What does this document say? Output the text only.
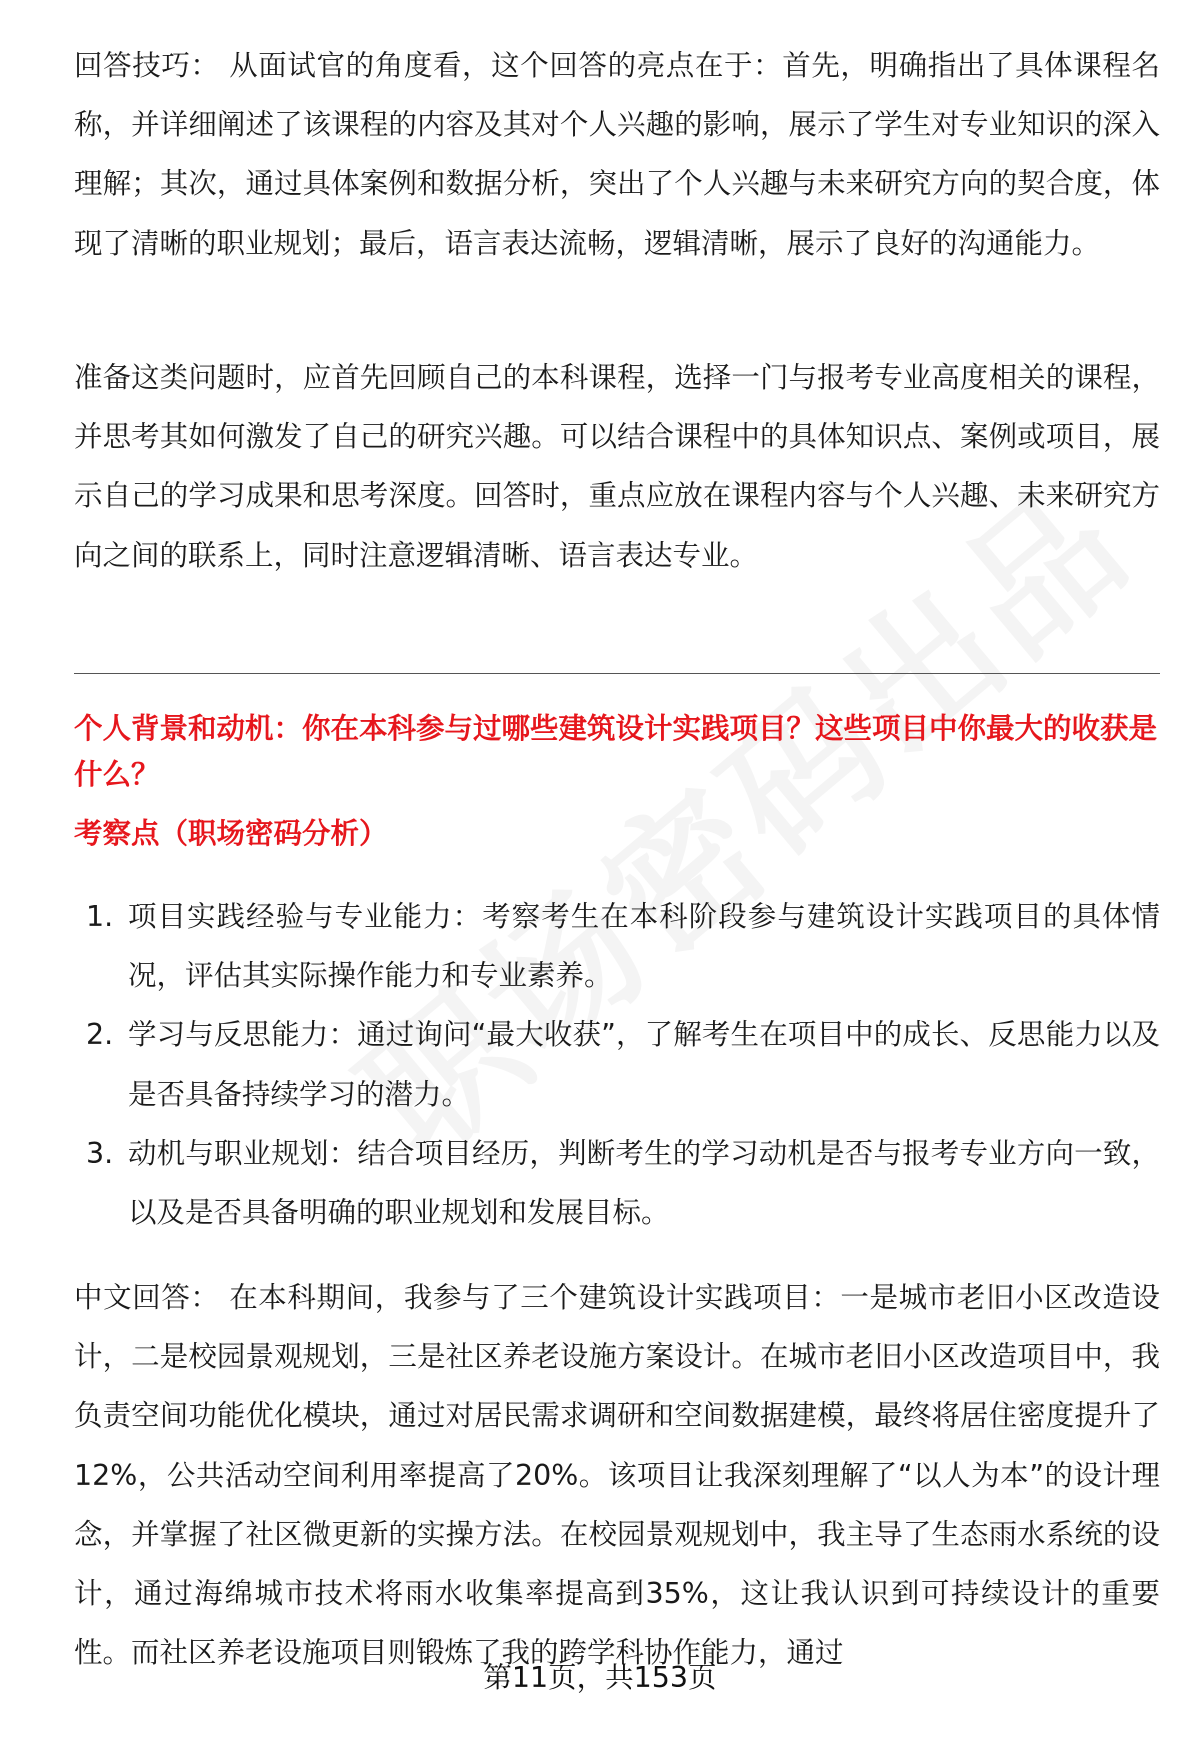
回答技巧： 从面试官的角度看，这个回答的亮点在于：首先，明确指出了具体课程名称，并详细阐述了该课程的内容及其对个人兴趣的影响，展示了学生对专业知识的深入理解；其次，通过具体案例和数据分析，突出了个人兴趣与未来研究方向的契合度，体现了清晰的职业规划；最后，语言表达流畅，逻辑清晰，展示了良好的沟通能力。

准备这类问题时，应首先回顾自己的本科课程，选择一门与报考专业高度相关的课程，并思考其如何激发了自己的研究兴趣。可以结合课程中的具体知识点、案例或项目，展示自己的学习成果和思考深度。回答时，重点应放在课程内容与个人兴趣、未来研究方向之间的联系上，同时注意逻辑清晰、语言表达专业。

个人背景和动机：你在本科参与过哪些建筑设计实践项目？这些项目中你最大的收获是什么？

考察点（职场密码分析）

1. 项目实践经验与专业能力：考察考生在本科阶段参与建筑设计实践项目的具体情况，评估其实际操作能力和专业素养。
2. 学习与反思能力：通过询问“最大收获”，了解考生在项目中的成长、反思能力以及是否具备持续学习的潜力。
3. 动机与职业规划：结合项目经历，判断考生的学习动机是否与报考专业方向一致，以及是否具备明确的职业规划和发展目标。

中文回答： 在本科期间，我参与了三个建筑设计实践项目：一是城市老旧小区改造设计，二是校园景观规划，三是社区养老设施方案设计。在城市老旧小区改造项目中，我负责空间功能优化模块，通过对居民需求调研和空间数据建模，最终将居住密度提升了12%，公共活动空间利用率提高了20%。该项目让我深刻理解了“以人为本”的设计理念，并掌握了社区微更新的实操方法。在校园景观规划中，我主导了生态雨水系统的设计，通过海绵城市技术将雨水收集率提高到35%，这让我认识到可持续设计的重要性。而社区养老设施项目则锻炼了我的跨学科协作能力，通过

第11页，共153页
